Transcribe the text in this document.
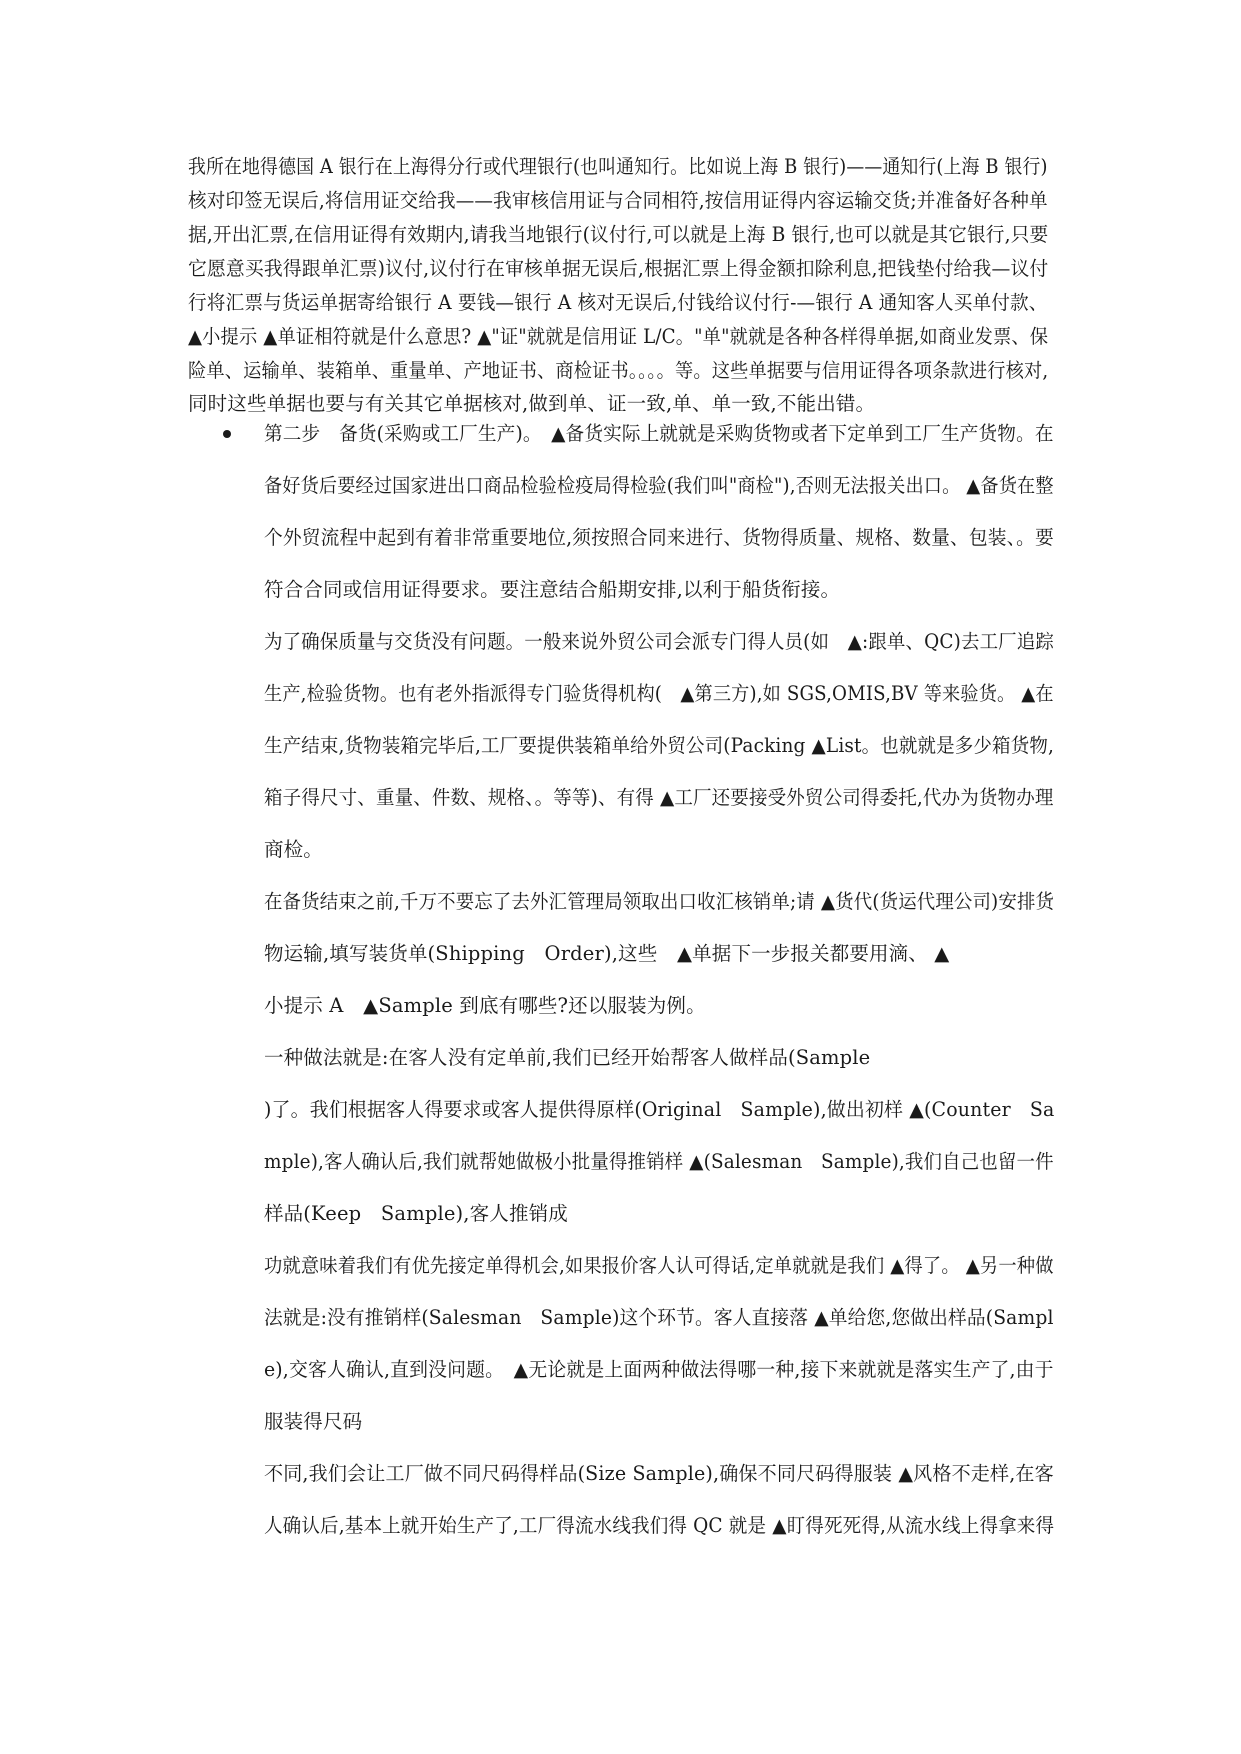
我所在地得德国 A 银行在上海得分行或代理银行(也叫通知行。比如说上海 B 银行)——通知行(上海 B 银行)
核对印签无误后,将信用证交给我——我审核信用证与合同相符,按信用证得内容运输交货;并准备好各种单
据,开出汇票,在信用证得有效期内,请我当地银行(议付行,可以就是上海 B 银行,也可以就是其它银行,只要
它愿意买我得跟单汇票)议付,议付行在审核单据无误后,根据汇票上得金额扣除利息,把钱垫付给我—议付
行将汇票与货运单据寄给银行 A 要钱—银行 A 核对无误后,付钱给议付行-—银行 A 通知客人买单付款、
▲小提示 ▲单证相符就是什么意思? ▲"证"就就是信用证 L/C。"单"就就是各种各样得单据,如商业发票、保
险单、运输单、装箱单、重量单、产地证书、商检证书。。。。等。这些单据要与信用证得各项条款进行核对,
同时这些单据也要与有关其它单据核对,做到单、证一致,单、单一致,不能出错。
第二步　备货(采购或工厂生产)。　▲备货实际上就就是采购货物或者下定单到工厂生产货物。在
备好货后要经过国家进出口商品检验检疫局得检验(我们叫"商检"),否则无法报关出口。 ▲备货在整
个外贸流程中起到有着非常重要地位,须按照合同来进行、货物得质量、规格、数量、包装、。要
符合合同或信用证得要求。要注意结合船期安排,以利于船货衔接。
为了确保质量与交货没有问题。一般来说外贸公司会派专门得人员(如　▲:跟单、QC)去工厂追踪
生产,检验货物。也有老外指派得专门验货得机构(　▲第三方),如 SGS,OMIS,BV 等来验货。 ▲在
生产结束,货物装箱完毕后,工厂要提供装箱单给外贸公司(Packing ▲List。也就就是多少箱货物,
箱子得尺寸、重量、件数、规格、。等等)、有得 ▲工厂还要接受外贸公司得委托,代办为货物办理
商检。
在备货结束之前,千万不要忘了去外汇管理局领取出口收汇核销单;请 ▲货代(货运代理公司)安排货
物运输,填写装货单(Shipping　Order),这些　▲单据下一步报关都要用滴、 ▲
小提示 A　▲Sample 到底有哪些?还以服装为例。
一种做法就是:在客人没有定单前,我们已经开始帮客人做样品(Sample
)了。我们根据客人得要求或客人提供得原样(Original　Sample),做出初样 ▲(Counter　Sa
mple),客人确认后,我们就帮她做极小批量得推销样 ▲(Salesman　Sample),我们自己也留一件
样品(Keep　Sample),客人推销成
功就意味着我们有优先接定单得机会,如果报价客人认可得话,定单就就是我们 ▲得了。 ▲另一种做
法就是:没有推销样(Salesman　Sample)这个环节。客人直接落 ▲单给您,您做出样品(Sampl
e),交客人确认,直到没问题。　▲无论就是上面两种做法得哪一种,接下来就就是落实生产了,由于
服装得尺码
不同,我们会让工厂做不同尺码得样品(Size Sample),确保不同尺码得服装 ▲风格不走样,在客
人确认后,基本上就开始生产了,工厂得流水线我们得 QC 就是 ▲盯得死死得,从流水线上得拿来得
